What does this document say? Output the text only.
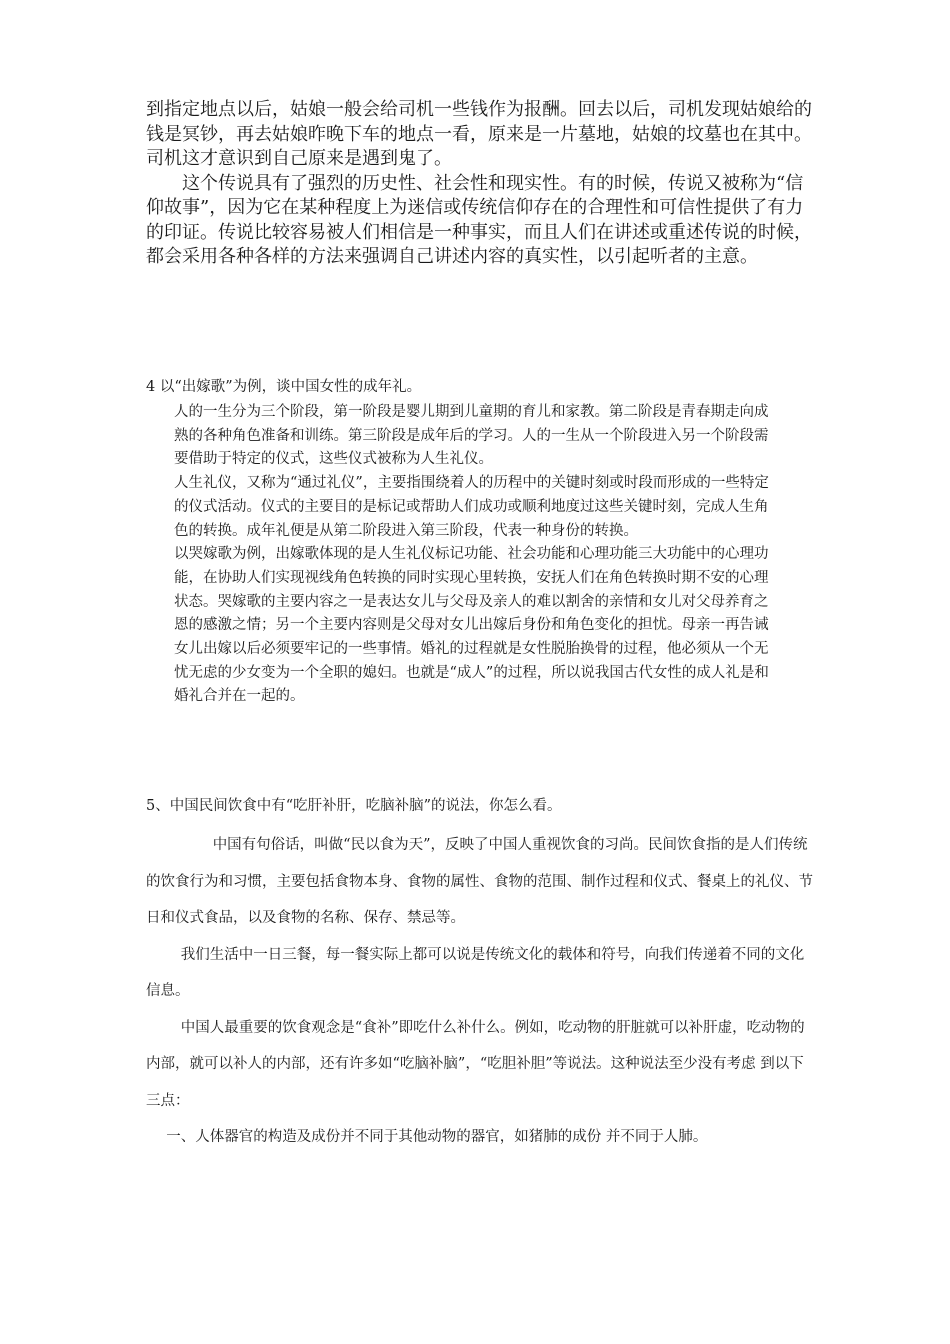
到指定地点以后，姑娘一般会给司机一些钱作为报酬。回去以后，司机发现姑娘给的钱是冥钞，再去姑娘昨晚下车的地点一看，原来是一片墓地，姑娘的坟墓也在其中。司机这才意识到自己原来是遇到鬼了。

这个传说具有了强烈的历史性、社会性和现实性。有的时候，传说又被称为“信仰故事”，因为它在某种程度上为迷信或传统信仰存在的合理性和可信性提供了有力的印证。传说比较容易被人们相信是一种事实，而且人们在讲述或重述传说的时候，都会采用各种各样的方法来强调自己讲述内容的真实性，以引起听者的主意。

4 以“出嫁歌”为例，谈中国女性的成年礼。

人的一生分为三个阶段，第一阶段是婴儿期到儿童期的育儿和家教。第二阶段是青春期走向成熟的各种角色准备和训练。第三阶段是成年后的学习。人的一生从一个阶段进入另一个阶段需要借助于特定的仪式，这些仪式被称为人生礼仪。

人生礼仪，又称为“通过礼仪”，主要指围绕着人的历程中的关键时刻或时段而形成的一些特定的仪式活动。仪式的主要目的是标记或帮助人们成功或顺利地度过这些关键时刻，完成人生角色的转换。成年礼便是从第二阶段进入第三阶段，代表一种身份的转换。

以哭嫁歌为例，出嫁歌体现的是人生礼仪标记功能、社会功能和心理功能三大功能中的心理功能，在协助人们实现视线角色转换的同时实现心里转换，安抚人们在角色转换时期不安的心理状态。哭嫁歌的主要内容之一是表达女儿与父母及亲人的难以割舍的亲情和女儿对父母养育之恩的感激之情；另一个主要内容则是父母对女儿出嫁后身份和角色变化的担忧。母亲一再告诫女儿出嫁以后必须要牢记的一些事情。婚礼的过程就是女性脱胎换骨的过程，他必须从一个无忧无虑的少女变为一个全职的媳妇。也就是“成人”的过程，所以说我国古代女性的成人礼是和婚礼合并在一起的。

5、中国民间饮食中有“吃肝补肝，吃脑补脑”的说法，你怎么看。

中国有句俗话，叫做“民以食为天”，反映了中国人重视饮食的习尚。民间饮食指的是人们传统的饮食行为和习惯，主要包括食物本身、食物的属性、食物的范围、制作过程和仪式、餐桌上的礼仪、节日和仪式食品，以及食物的名称、保存、禁忌等。

我们生活中一日三餐，每一餐实际上都可以说是传统文化的载体和符号，向我们传递着不同的文化信息。

中国人最重要的饮食观念是“食补”即吃什么补什么。例如，吃动物的肝脏就可以补肝虚，吃动物的内部，就可以补人的内部，还有许多如“吃脑补脑”，“吃胆补胆”等说法。这种说法至少没有考虑 到以下三点：

一、人体器官的构造及成份并不同于其他动物的器官，如猪肺的成份 并不同于人肺。
